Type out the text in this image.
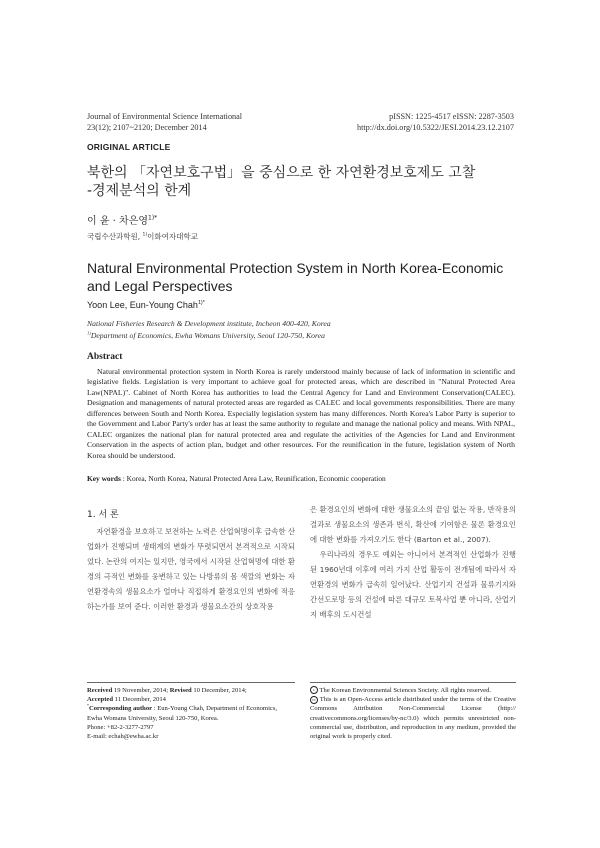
Journal of Environmental Science International
23(12); 2107~2120; December 2014
pISSN: 1225-4517 eISSN: 2287-3503
http://dx.doi.org/10.5322/JESI.2014.23.12.2107
ORIGINAL ARTICLE
북한의 「자연보호구법」을 중심으로 한 자연환경보호제도 고찰
-경제분석의 한계
이 윤 · 차은영$^{1)*}$
국립수산과학원, $^{1)}$이화여자대학교
Natural Environmental Protection System in North Korea-Economic
and Legal Perspectives
Yoon Lee, Eun-Young Chah$^{1)*}$
National Fisheries Research & Development institute, Incheon 400-420, Korea
$^{1)}$Department of Economics, Ewha Womans University, Seoul 120-750, Korea
Abstract
Natural environmental protection system in North Korea is rarely understood mainly because of lack of information in scientific and legislative fields. Legislation is very important to achieve goal for protected areas, which are described in "Natural Protected Area Law(NPAL)". Cabinet of North Korea has authorities to lead the Central Agency for Land and Environment Conservation(CALEC). Designation and managements of natural protected areas are regarded as CALEC and local governments responsibilities. There are many differences between South and North Korea. Especially legislation system has many differences. North Korea's Labor Party is superior to the Government and Labor Party's order has at least the same authority to regulate and manage the national policy and means. With NPAL, CALEC organizes the national plan for natural protected area and regulate the activities of the Agencies for Land and Environment Conservation in the aspects of action plan, budget and other resources. For the reunification in the future, legislation system of North Korea should be understood.
Key words : Korea, North Korea, Natural Protected Area Law, Reunification, Economic cooperation
1. 서 론

자연환경을 보호하고 보전하는 노력은 산업혁명이후 급속한 산업화가 진행되며 생태계의 변화가 뚜렷되면서 본격적으로 시작되었다. 논란의 여지는 있지만, 영국에서 시작된 산업혁명에 대한 환경의 극적인 변화를 웅변하고 있는 나방류의 몸 색깔의 변화는 자연환경속의 생물요소가 얼마나 직접하게 환경요인의 변화에 적응하는가를 보여 준다. 이러한 환경과 생물요소간의 상호작용

은 환경요인의 변화에 대한 생물요소의 끝임 없는 작용, 반작용의 결과로 생물요소의 생존과 번식, 확산에 기여함은 물론 환경요인에 대한 변화를 가져오기도 한다 (Barton et al., 2007).

우리나라의 경우도 예외는 아니어서 본격적인 산업화가 진행된 1960년대 이후에 여러 가지 산업 활동이 전개됨에 따라서 자연환경의 변화가 급속히 일어났다. 산업기지 건설과 물류기지와 간선도로망 등의 건설에 따른 대규모 토목사업 뿐 아니라, 산업기지 배후의 도시건설

Received 19 November, 2014; Revised 10 December, 2014;
Accepted 11 December, 2014
*Corresponding author : Eun-Young Chah, Department of Economics,
Ewha Womans University, Seoul 120-750, Korea.
Phone: +82-2-3277-2797
E-mail: echah@ewha.ac.kr
c The Korean Environmental Sciences Society. All rights reserved.
cc This is an Open-Access article distributed under the terms of the Creative Commons Attribution Non-Commercial License (http:// creativecommons.org/licenses/by-nc/3.0) which permits unrestricted non-commercial use, distribution, and reproduction in any medium, provided the original work is properly cited.
